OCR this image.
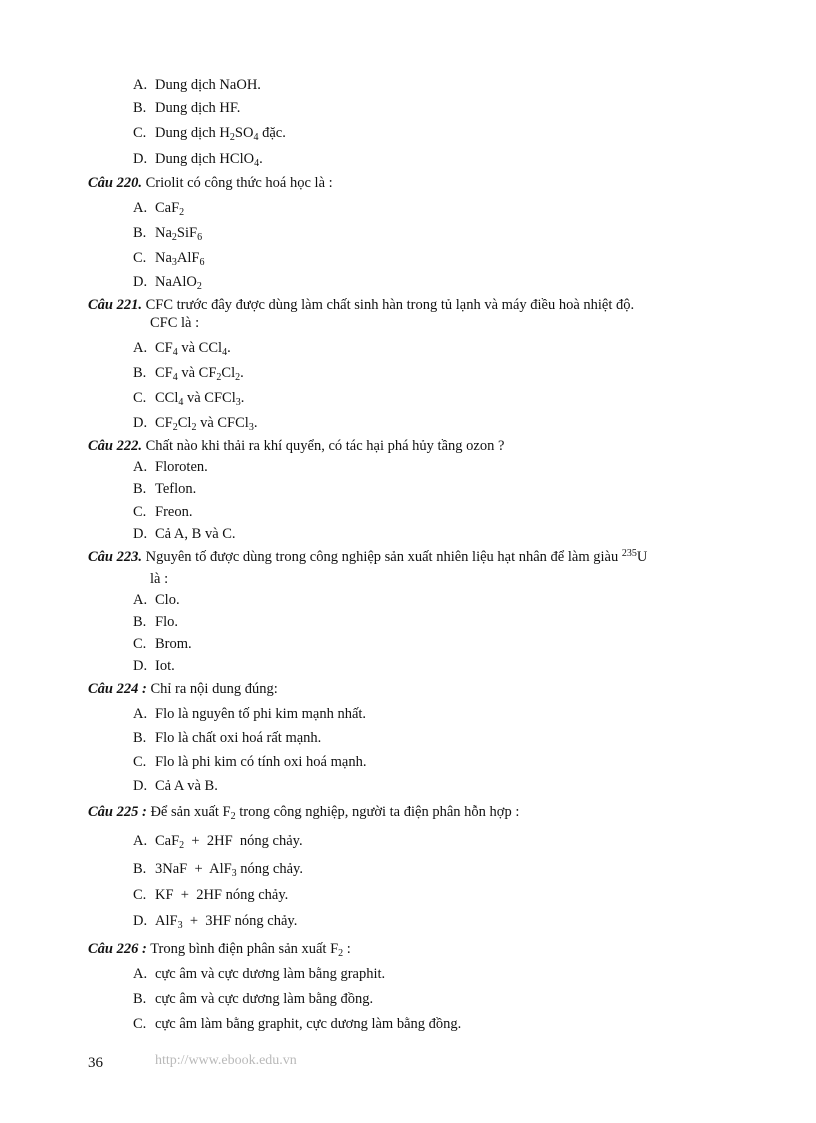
A. Dung dịch NaOH.
B. Dung dịch HF.
C. Dung dịch $H_2SO_4$ đặc.
D. Dung dịch HClO$_4$.
Câu 220. Criolit có công thức hoá học là :
A. CaF$_2$
B. $Na_2SiF_6$
C. $Na_3AlF_6$
D. NaAlO$_2$
Câu 221. CFC trước đây được dùng làm chất sinh hàn trong tủ lạnh và máy điều hoà nhiệt độ.
CFC là :
A. $CF_4$ và CCl$_4$.
B. $CF_4$ và $CF_2Cl_2$.
C. CCl$_4$ và CFCl$_3$.
D. $CF_2Cl_2$ và CFCl$_3$.
Câu 222. Chất nào khi thải ra khí quyển, có tác hại phá hủy tầng ozon ?
A. Floroten.
B. Teflon.
C. Freon.
D. Cả A, B và C.
Câu 223. Nguyên tố được dùng trong công nghiệp sản xuất nhiên liệu hạt nhân để làm giàu $^{235}$U
là :
A. Clo.
B. Flo.
C. Brom.
D. Iot.
Câu 224 : Chỉ ra nội dung đúng:
A. Flo là nguyên tố phi kim mạnh nhất.
B. Flo là chất oxi hoá rất mạnh.
C. Flo là phi kim có tính oxi hoá mạnh.
D. Cả A và B.
Câu 225 : Để sản xuất $F_2$ trong công nghiệp, người ta điện phân hỗn hợp :
A. CaF$_2$  +  2HF  nóng chảy.
B. 3NaF  +  AlF$_3$ nóng chảy.
C. KF  +  2HF nóng chảy.
D. AlF$_3$  +  3HF nóng chảy.
Câu 226 : Trong bình điện phân sản xuất $F_2$ :
A. cực âm và cực dương làm bằng graphit.
B. cực âm và cực dương làm bằng đồng.
C. cực âm làm bằng graphit, cực dương làm bằng đồng.
36	http://www.ebook.edu.vn
